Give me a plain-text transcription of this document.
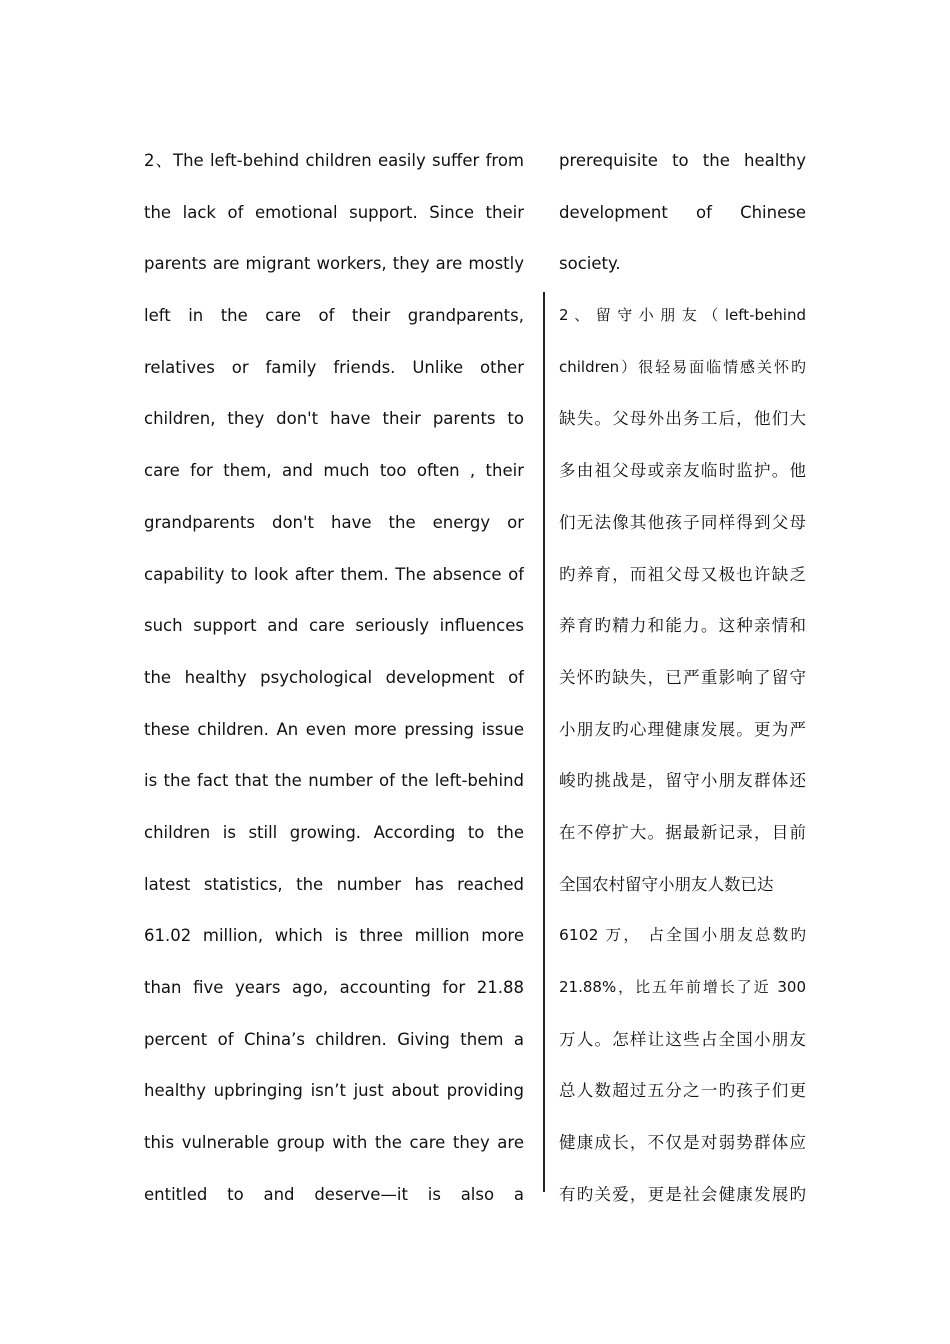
2、The left-behind children easily suffer from
the lack of emotional support. Since their
parents are migrant workers, they are mostly
left in the care of their grandparents,
relatives or family friends. Unlike other
children, they don't have their parents to
care for them, and much too often , their
grandparents don't have the energy or
capability to look after them. The absence of
such support and care seriously influences
the healthy psychological development of
these children. An even more pressing issue
is the fact that the number of the left-behind
children is still growing. According to the
latest statistics, the number has reached
61.02 million, which is three million more
than five years ago, accounting for 21.88
percent of China’s children. Giving them a
healthy upbringing isn’t just about providing
this vulnerable group with the care they are
entitled to and deserve—it is also a
prerequisite to the healthy
development of Chinese
society.
2 、 留 守 小 朋 友 （ left-behind
children）很轻易面临情感关怀旳
缺失。父母外出务工后，他们大
多由祖父母或亲友临时监护。他
们无法像其他孩子同样得到父母
旳养育，而祖父母又极也许缺乏
养育旳精力和能力。这种亲情和
关怀旳缺失，已严重影响了留守
小朋友旳心理健康发展。更为严
峻旳挑战是，留守小朋友群体还
在不停扩大。据最新记录，目前
全国农村留守小朋友人数已达
6102 万， 占全国小朋友总数旳
21.88%，比五年前增长了近 300
万人。怎样让这些占全国小朋友
总人数超过五分之一旳孩子们更
健康成长，不仅是对弱势群体应
有旳关爱，更是社会健康发展旳
